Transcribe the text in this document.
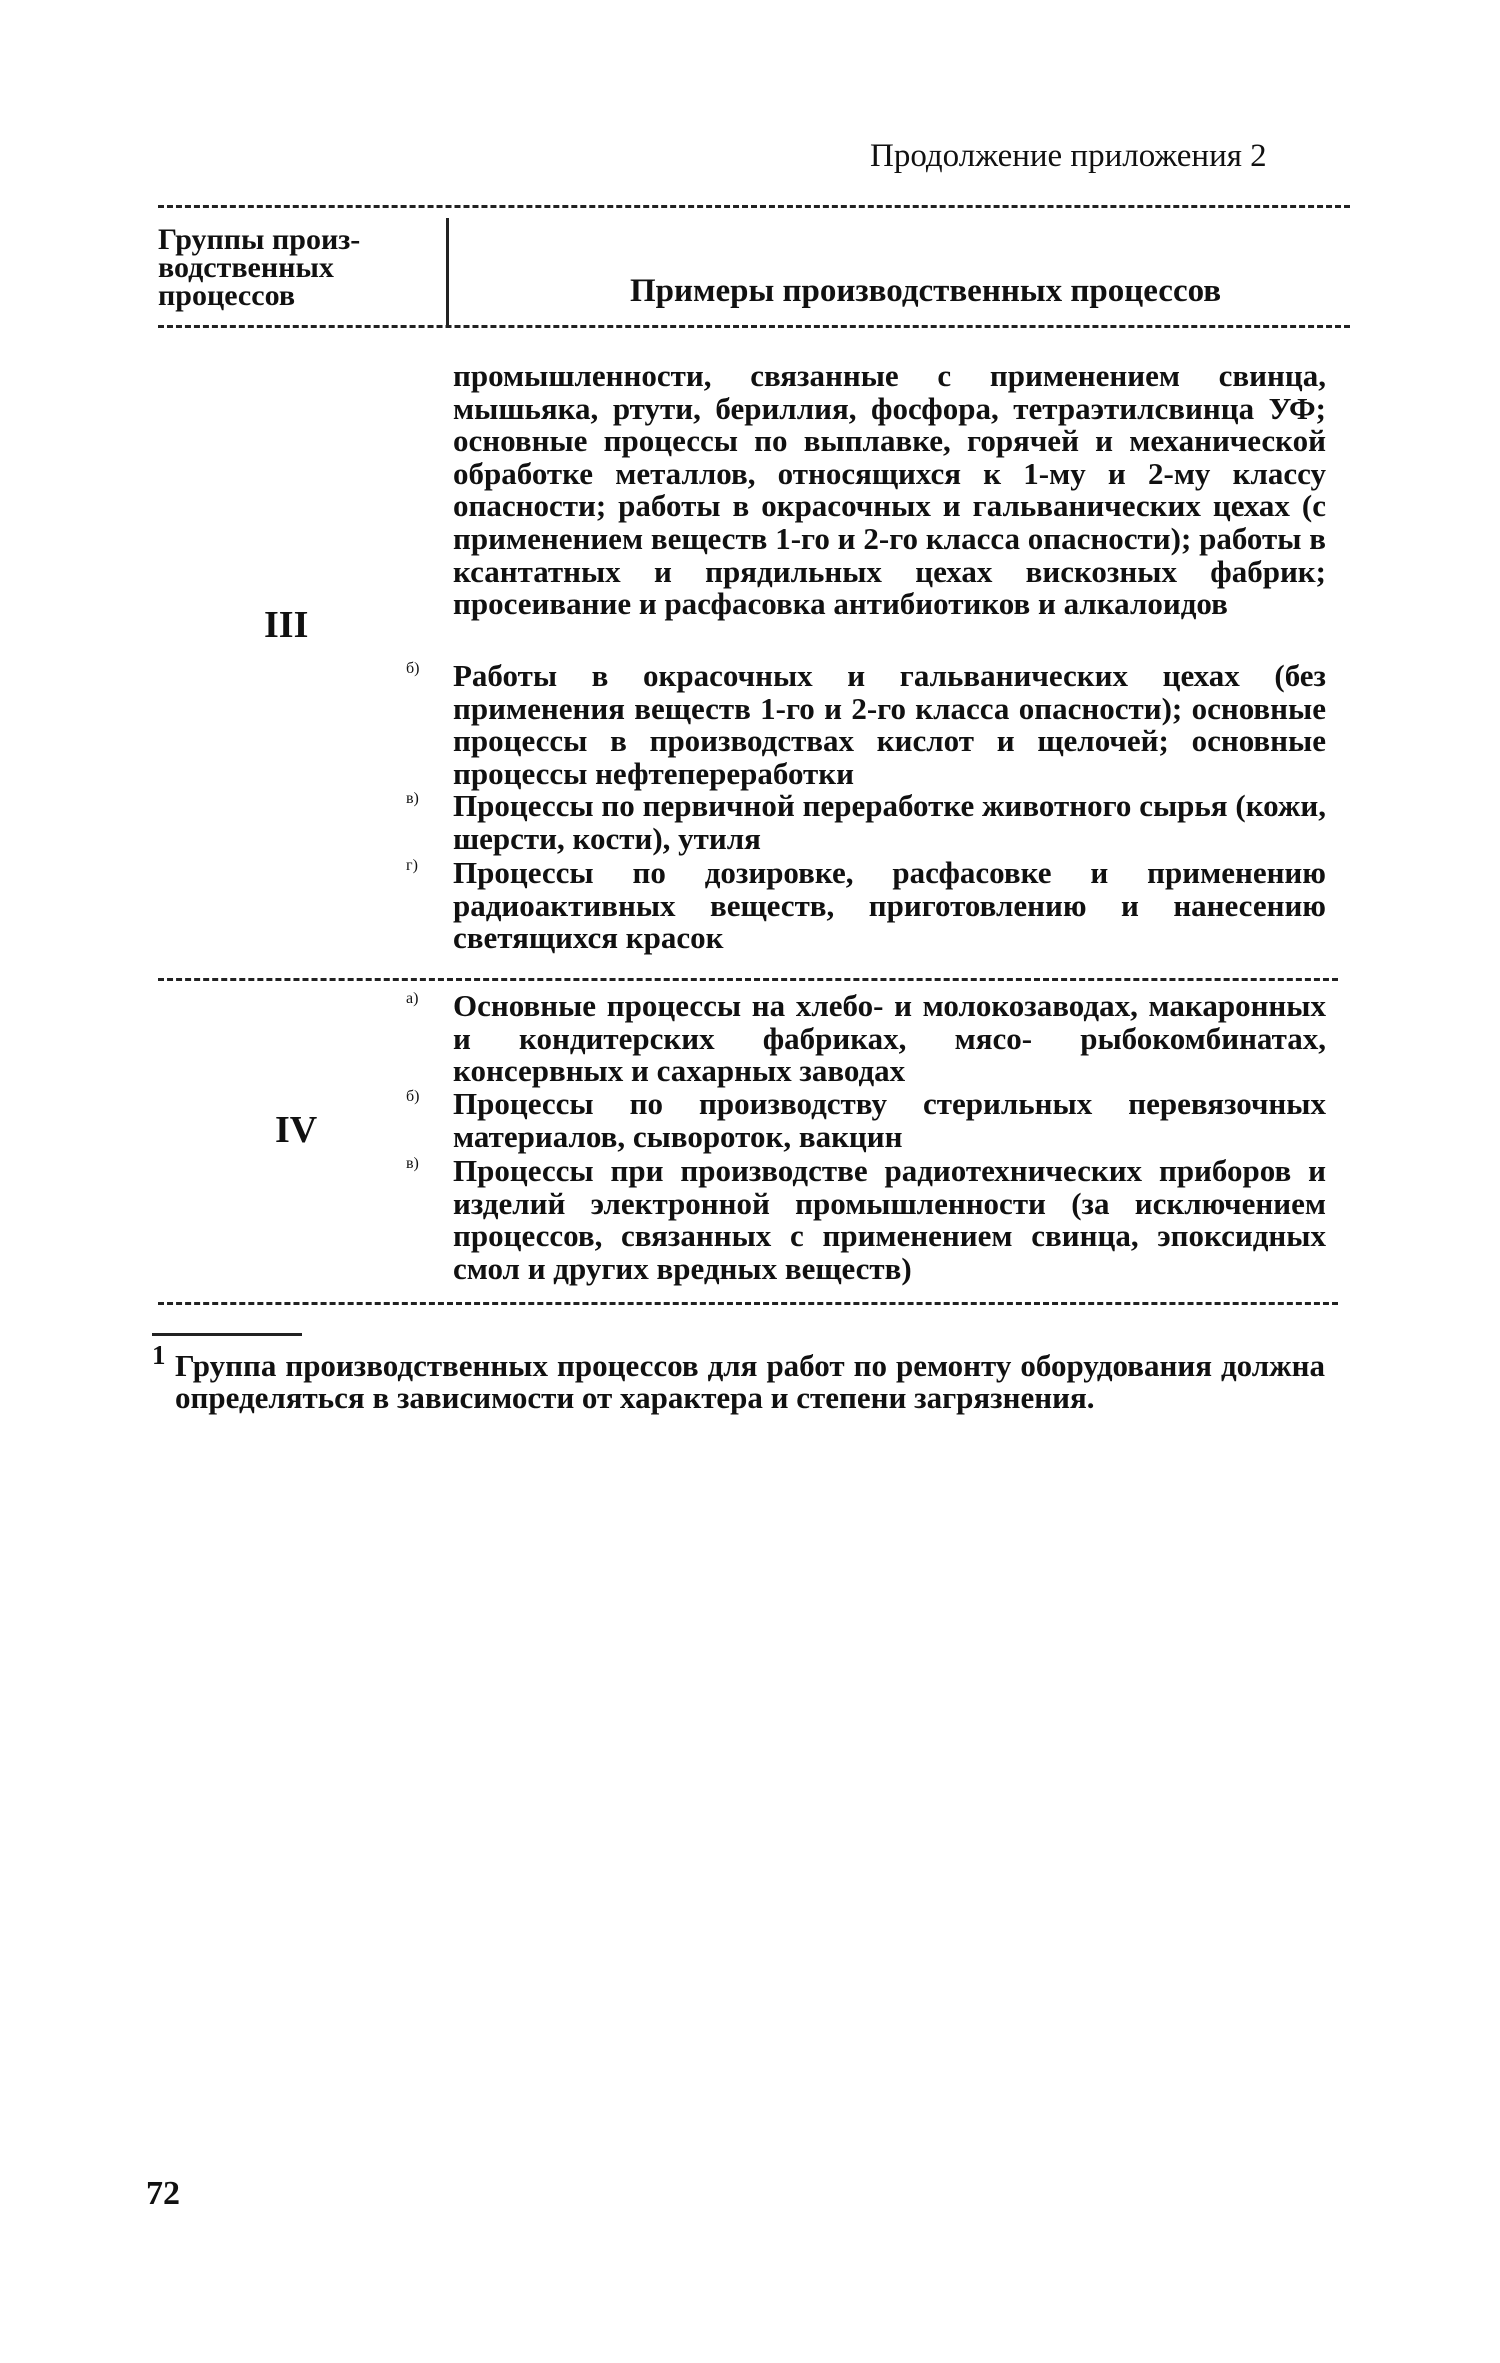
Продолжение приложения 2
Группы произ-
водственных
процессов	Примеры производственных процессов
III

промышленности, связанные с применением свинца, мышьяка, ртути, бериллия, фосфора, тетраэтилсвинца УФ; основные процессы по выплавке, горячей и механической обработке металлов, относящихся к 1-му и 2-му классу опасности; работы в окрасочных и гальванических цехах (с применением веществ 1-го и 2-го класса опасности); работы в ксантатных и прядильных цехах вискозных фабрик; просеивание и расфасовка антибиотиков и алкалоидов

б) Работы в окрасочных и гальванических цехах (без применения веществ 1-го и 2-го класса опасности); основные процессы в производствах кислот и щелочей; основные процессы нефтепереработки
в) Процессы по первичной переработке животного сырья (кожи, шерсти, кости), утиля
г) Процессы по дозировке, расфасовке и применению радиоактивных веществ, приготовлению и нанесению светящихся красок
IV
а) Основные процессы на хлебо- и молокозаводах, макаронных и кондитерских фабриках, мясо- рыбокомбинатах, консервных и сахарных заводах
б) Процессы по производству стерильных перевязочных материалов, сывороток, вакцин
в) Процессы при производстве радиотехнических приборов и изделий электронной промышленности (за исключением процессов, связанных с применением свинца, эпоксидных смол и других вредных веществ)
1 Группа производственных процессов для работ по ремонту оборудования должна определяться в зависимости от характера и степени загрязнения.
72
